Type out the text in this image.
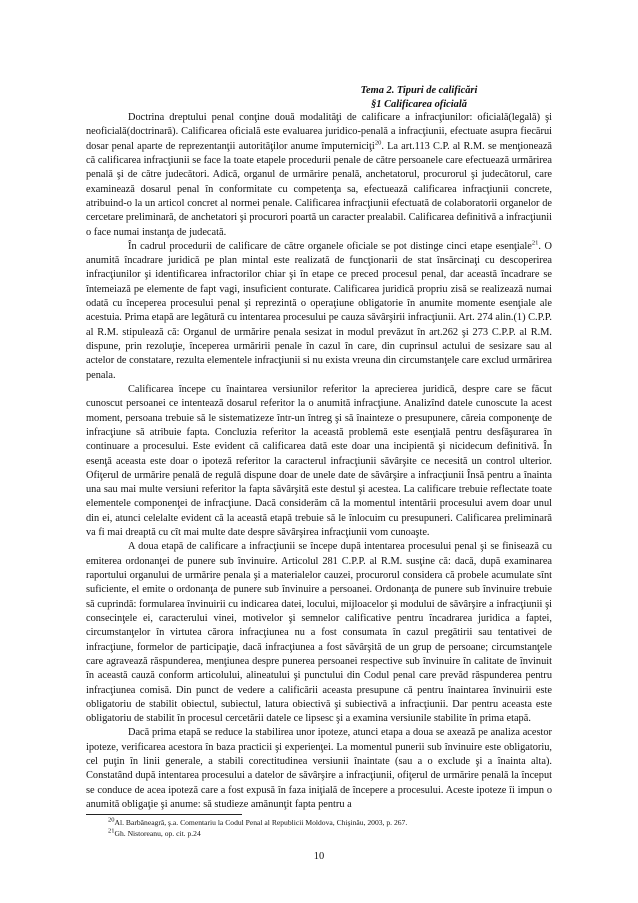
Tema 2. Tipuri de calificări
§1 Calificarea oficială

Doctrina dreptului penal conţine două modalităţi de calificare a infracţiunilor: oficială(legală) şi neoficială(doctrinară). Calificarea oficială este evaluarea juridico-penală a infracţiunii, efectuate asupra fiecărui dosar penal aparte de reprezentanţii autorităţilor anume împuterniciţi$^{20}$. La art.113 C.P. al R.M. se menţionează că calificarea infracţiunii se face la toate etapele procedurii penale de către persoanele care efectuează urmărirea penală şi de către judecători. Adică, organul de urmărire penală, anchetatorul, procurorul şi judecătorul, care examinează dosarul penal în conformitate cu competenţa sa, efectuează calificarea infracţiunii concrete, atribuind-o la un articol concret al normei penale. Calificarea infracţiunii efectuată de colaboratorii organelor de cercetare preliminară, de anchetatori şi procurori poartă un caracter prealabil. Calificarea definitivă a infracţiunii o face numai instanţa de judecată.

În cadrul procedurii de calificare de către organele oficiale se pot distinge cinci etape esenţiale$^{21}$. O anumită încadrare juridică pe plan mintal este realizată de funcţionarii de stat însărcinaţi cu descoperirea infracţiunilor şi identificarea infractorilor chiar şi în etape ce preced procesul penal, dar această încadrare se întemeiază pe elemente de fapt vagi, insuficient conturate. Calificarea juridică propriu zisă se realizează numai odată cu începerea procesului penal şi reprezintă o operaţiune obligatorie în anumite momente esenţiale ale acestuia. Prima etapă are legătură cu intentarea procesului pe cauza săvârşirii infracţiunii. Art. 274 alin.(1) C.P.P. al R.M. stipulează că: Organul de urmărire penala sesizat in modul prevăzut în art.262 şi 273 C.P.P. al R.M. dispune, prin rezoluţie, începerea urmăririi penale în cazul în care, din cuprinsul actului de sesizare sau al actelor de constatare, rezulta elementele infracţiunii si nu exista vreuna din circumstanţele care exclud urmărirea penala.

Calificarea începe cu înaintarea versiunilor referitor la aprecierea juridică, despre care se făcut cunoscut persoanei ce intentează dosarul referitor la o anumită infracţiune. Analizînd datele cunoscute la acest moment, persoana trebuie să le sistematizeze într-un întreg şi să înainteze o presupunere, căreia componenţe de infracţiune să atribuie fapta. Concluzia referitor la această problemă este esenţială pentru desfăşurarea în continuare a procesului. Este evident că calificarea dată este doar una incipientă şi nicidecum definitivă. În esenţă aceasta este doar o ipoteză referitor la caracterul infracţiunii săvârşite ce necesită un control ulterior. Ofiţerul de urmărire penală de regulă dispune doar de unele date de săvârşire a infracţiunii Însă pentru a înainta una sau mai multe versiuni referitor la fapta săvârşită este destul şi acestea. La calificare trebuie reflectate toate elementele componenţei de infracţiune. Dacă considerăm că la momentul intentării procesului avem doar unul din ei, atunci celelalte evident că la această etapă trebuie să le înlocuim cu presupuneri. Calificarea preliminară va fi mai dreaptă cu cît mai multe date despre săvârşirea infracţiunii vom cunoaşte.

A doua etapă de calificare a infracţiunii se începe după intentarea procesului penal şi se finisează cu emiterea ordonanţei de punere sub învinuire. Articolul 281 C.P.P. al R.M. susţine că: dacă, după examinarea raportului organului de urmărire penala şi a materialelor cauzei, procurorul considera că probele acumulate sînt suficiente, el emite o ordonanţa de punere sub învinuire a persoanei. Ordonanţa de punere sub învinuire trebuie să cuprindă: formularea învinuirii cu indicarea datei, locului, mijloacelor şi modului de săvârşire a infracţiunii şi consecinţele ei, caracterului vinei, motivelor şi semnelor calificative pentru încadrarea juridica a faptei, circumstanţelor în virtutea cărora infracţiunea nu a fost consumata în cazul pregătirii sau tentativei de infracţiune, formelor de participaţie, dacă infracţiunea a fost săvârşită de un grup de persoane; circumstanţele care agravează răspunderea, menţiunea despre punerea persoanei respective sub învinuire în calitate de învinuit în această cauză conform articolului, alineatului şi punctului din Codul penal care prevăd răspunderea pentru infracţiunea comisă. Din punct de vedere a calificării aceasta presupune că pentru înaintarea învinuirii este obligatoriu de stabilit obiectul, subiectul, latura obiectivă şi subiectivă a infracţiunii. Dar pentru aceasta este obligatoriu de stabilit în procesul cercetării datele ce lipsesc şi a examina versiunile stabilite în prima etapă.

Dacă prima etapă se reduce la stabilirea unor ipoteze, atunci etapa a doua se axează pe analiza acestor ipoteze, verificarea acestora în baza practicii şi experienţei. La momentul punerii sub învinuire este obligatoriu, cel puţin în linii generale, a stabili corectitudinea versiunii înaintate (sau a o exclude şi a înainta alta). Constatând după intentarea procesului a datelor de săvârşire a infracţiunii, ofiţerul de urmărire penală la început se conduce de acea ipoteză care a fost expusă în faza iniţială de începere a procesului. Aceste ipoteze îi impun o anumită obligaţie şi anume: să studieze amănunţit fapta pentru a

$^{20}$Al. Barbăneagră, ş.a. Comentariu la Codul Penal al Republicii Moldova, Chişinău, 2003, p. 267.
$^{21}$Gh. Nistoreanu, op. cit. p.24
10
